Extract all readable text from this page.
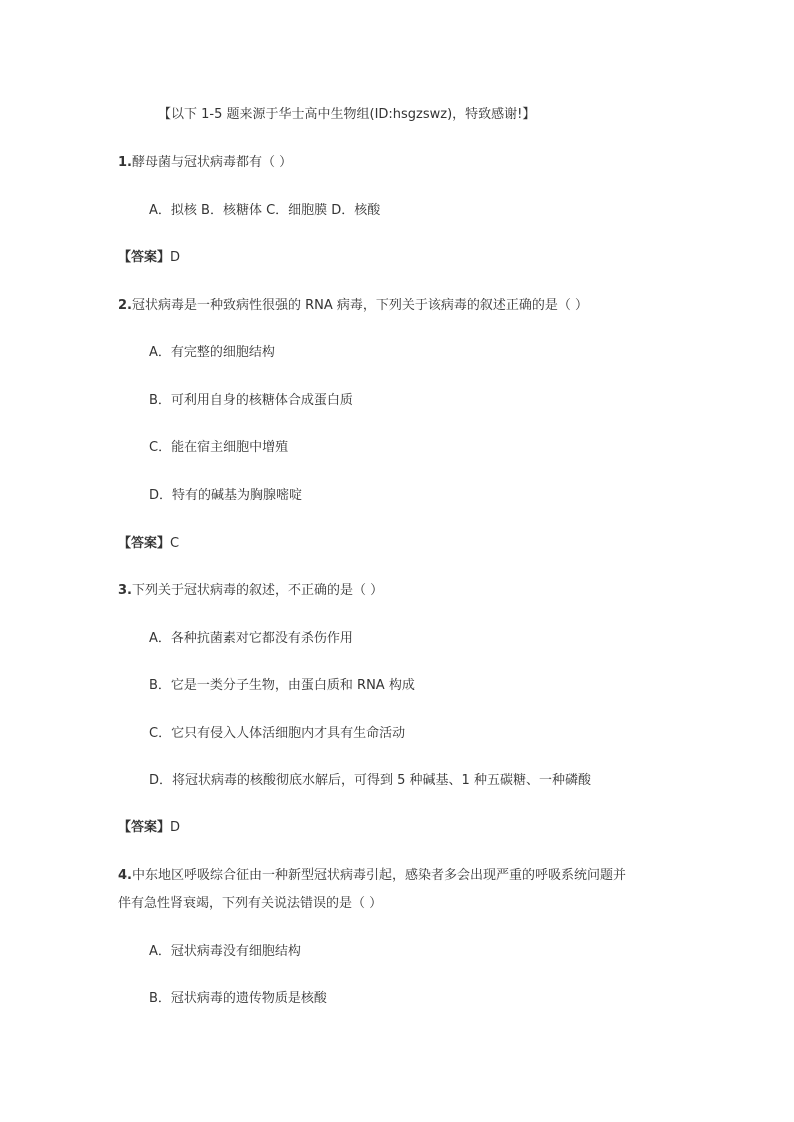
【以下 1-5 题来源于华士高中生物组(ID:hsgzswz)，特致感谢!】
1.酵母菌与冠状病毒都有（ ）
A．拟核 B．核糖体 C．细胞膜 D．核酸
【答案】D
2.冠状病毒是一种致病性很强的 RNA 病毒，下列关于该病毒的叙述正确的是（ ）
A．有完整的细胞结构
B．可利用自身的核糖体合成蛋白质
C．能在宿主细胞中增殖
D．特有的碱基为胸腺嘧啶
【答案】C
3.下列关于冠状病毒的叙述，不正确的是（ ）
A．各种抗菌素对它都没有杀伤作用
B．它是一类分子生物，由蛋白质和 RNA 构成
C．它只有侵入人体活细胞内才具有生命活动
D．将冠状病毒的核酸彻底水解后，可得到 5 种碱基、1 种五碳糖、一种磷酸
【答案】D
4.中东地区呼吸综合征由一种新型冠状病毒引起，感染者多会出现严重的呼吸系统问题并
伴有急性肾衰竭，下列有关说法错误的是（ ）
A．冠状病毒没有细胞结构
B．冠状病毒的遗传物质是核酸
